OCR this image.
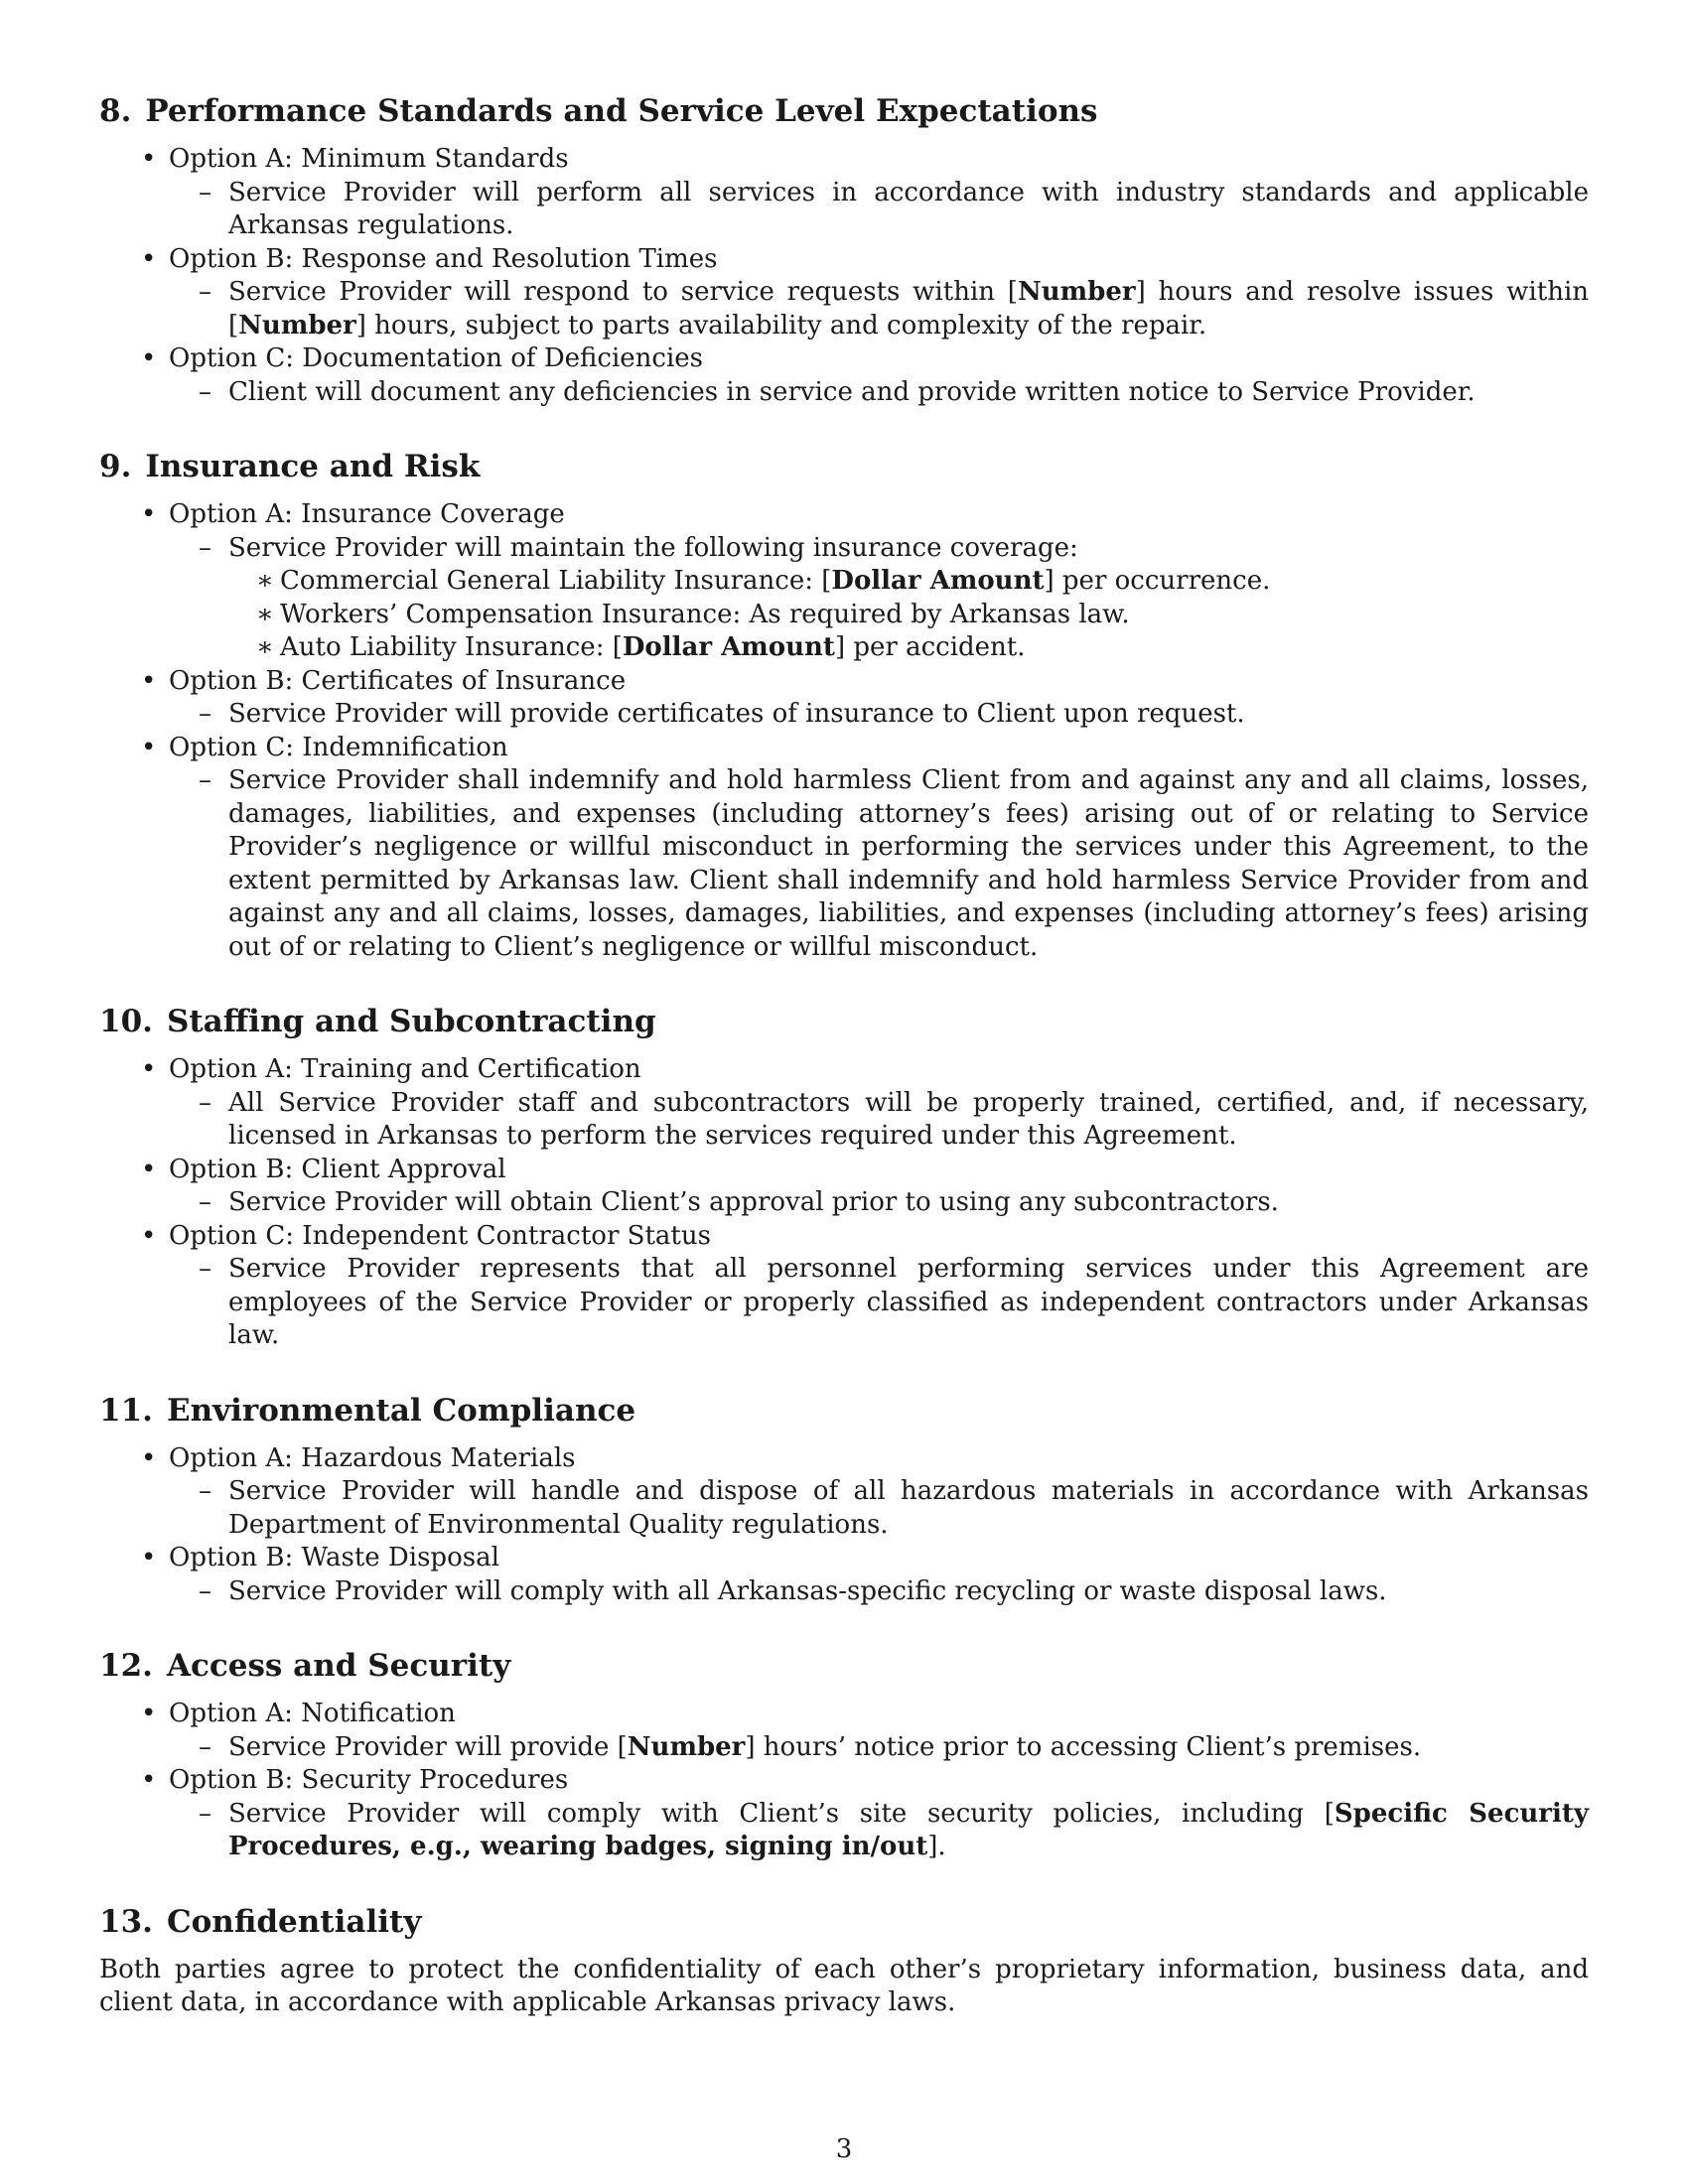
8. Performance Standards and Service Level Expectations
• Option A: Minimum Standards
– Service Provider will perform all services in accordance with industry standards and applicable Arkansas regulations.
• Option B: Response and Resolution Times
– Service Provider will respond to service requests within [Number] hours and resolve issues within [Number] hours, subject to parts availability and complexity of the repair.
• Option C: Documentation of Deficiencies
– Client will document any deficiencies in service and provide written notice to Service Provider.
9. Insurance and Risk
• Option A: Insurance Coverage
– Service Provider will maintain the following insurance coverage:
∗ Commercial General Liability Insurance: [Dollar Amount] per occurrence.
∗ Workers’ Compensation Insurance: As required by Arkansas law.
∗ Auto Liability Insurance: [Dollar Amount] per accident.
• Option B: Certificates of Insurance
– Service Provider will provide certificates of insurance to Client upon request.
• Option C: Indemnification
– Service Provider shall indemnify and hold harmless Client from and against any and all claims, losses, damages, liabilities, and expenses (including attorney’s fees) arising out of or relating to Service Provider’s negligence or willful misconduct in performing the services under this Agreement, to the extent permitted by Arkansas law. Client shall indemnify and hold harmless Service Provider from and against any and all claims, losses, damages, liabilities, and expenses (including attorney’s fees) arising out of or relating to Client’s negligence or willful misconduct.
10. Staffing and Subcontracting
• Option A: Training and Certification
– All Service Provider staff and subcontractors will be properly trained, certified, and, if necessary, licensed in Arkansas to perform the services required under this Agreement.
• Option B: Client Approval
– Service Provider will obtain Client’s approval prior to using any subcontractors.
• Option C: Independent Contractor Status
– Service Provider represents that all personnel performing services under this Agreement are employees of the Service Provider or properly classified as independent contractors under Arkansas law.
11. Environmental Compliance
• Option A: Hazardous Materials
– Service Provider will handle and dispose of all hazardous materials in accordance with Arkansas Department of Environmental Quality regulations.
• Option B: Waste Disposal
– Service Provider will comply with all Arkansas-specific recycling or waste disposal laws.
12. Access and Security
• Option A: Notification
– Service Provider will provide [Number] hours’ notice prior to accessing Client’s premises.
• Option B: Security Procedures
– Service Provider will comply with Client’s site security policies, including [Specific Security Procedures, e.g., wearing badges, signing in/out].
13. Confidentiality

Both parties agree to protect the confidentiality of each other’s proprietary information, business data, and client data, in accordance with applicable Arkansas privacy laws.

3
